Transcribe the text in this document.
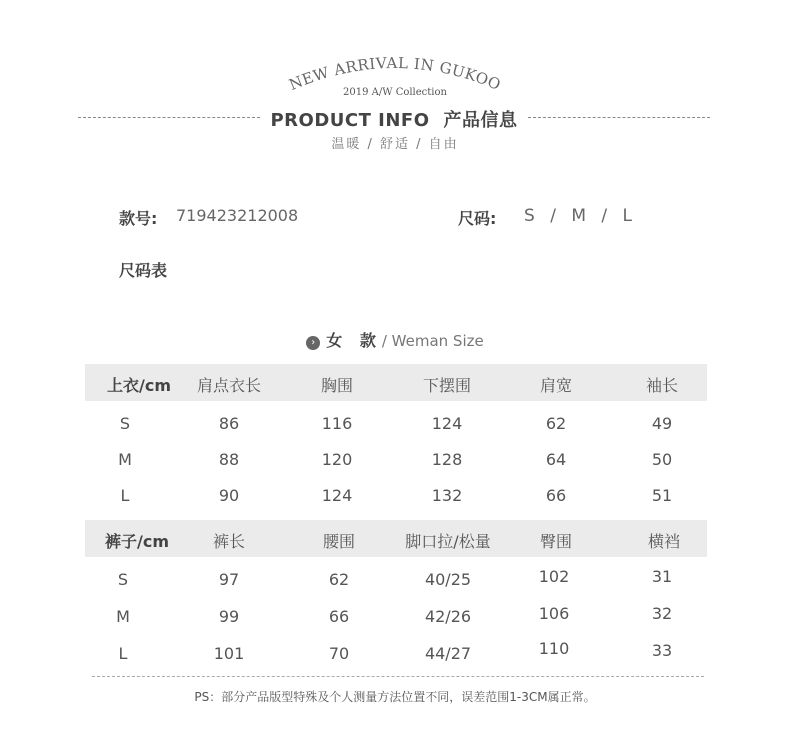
NEW ARRIVAL IN GUKOO
2019 A/W Collection
PRODUCT INFO 产品信息
温暖 / 舒适 / 自由
款号: 719423212008	尺码: S / M / L
尺码表
› 女 款/ Weman Size
上衣/cm	肩点衣长	胸围	下摆围	肩宽	袖长
S	86	116	124	62	49
M	88	120	128	64	50
L	90	124	132	66	51
裤子/cm	裤长	腰围	脚口拉/松量	臀围	横裆
S	97	62	40/25	102	31
M	99	66	42/26	106	32
L	101	70	44/27	110	33
PS：部分产品版型特殊及个人测量方法位置不同，误差范围1-3CM属正常。
